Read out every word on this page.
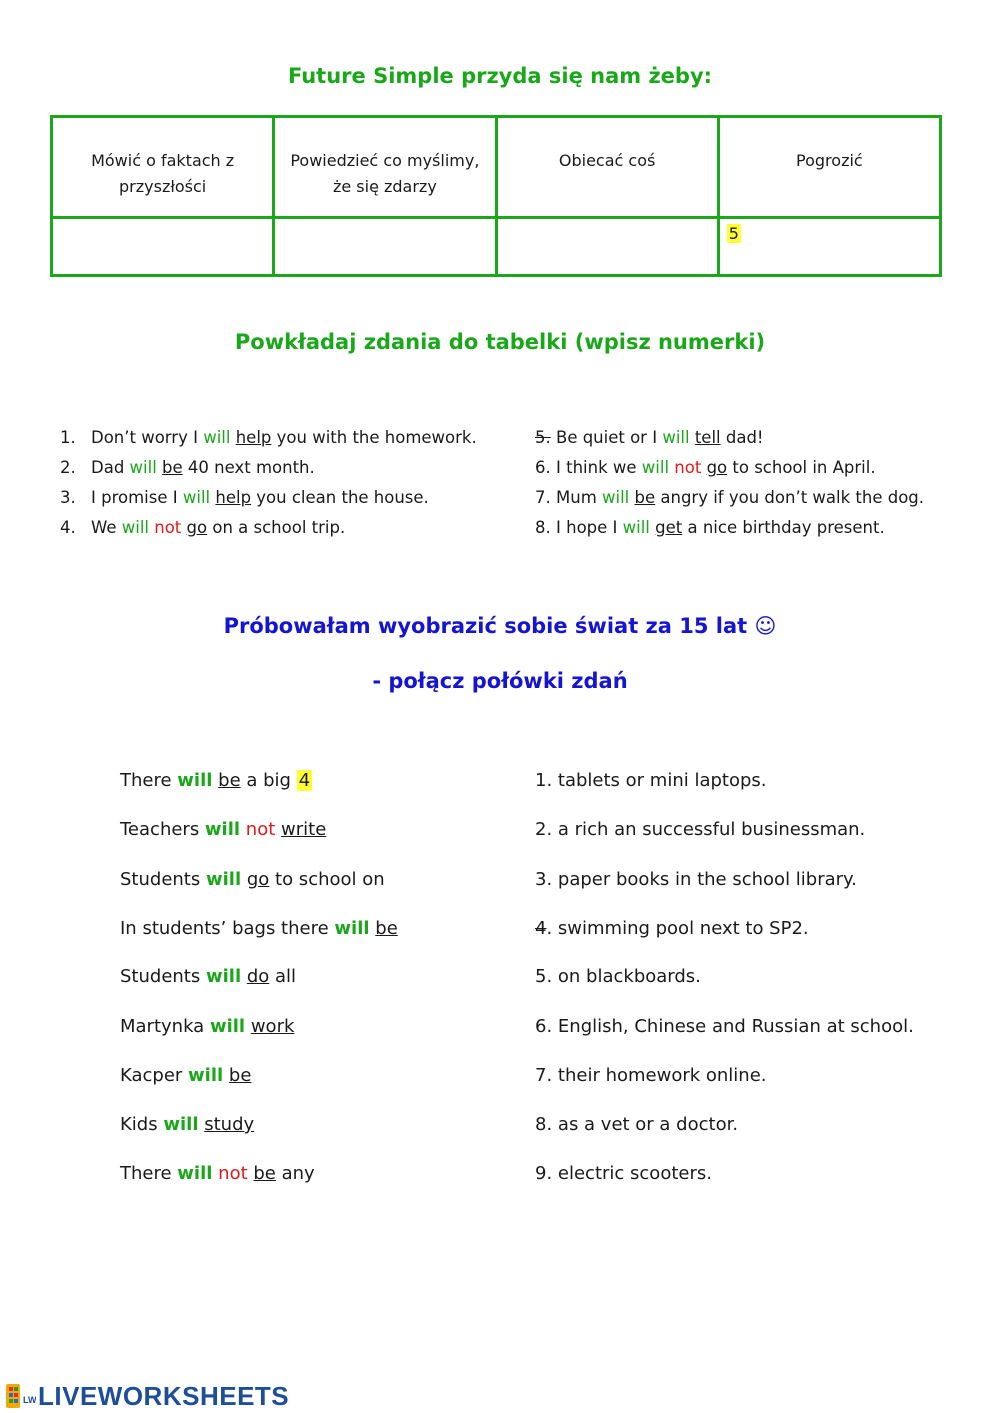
Future Simple przyda się nam żeby:
Mówić o faktach z przyszłości	Powiedzieć co myślimy, że się zdarzy	Obiecać coś	Pogrozić
			5
Powkładaj zdania do tabelki (wpisz numerki)
1. Don’t worry I will help you with the homework.
2. Dad will be 40 next month.
3. I promise I will help you clean the house.
4. We will not go on a school trip.
5. Be quiet or I will tell dad!
6. I think we will not go to school in April.
7. Mum will be angry if you don’t walk the dog.
8. I hope I will get a nice birthday present.
Próbowałam wyobrazić sobie świat za 15 lat ☺
- połącz połówki zdań
There will be a big 4
Teachers will not write
Students will go to school on
In students’ bags there will be
Students will do all
Martynka will work
Kacper will be
Kids will study
There will not be any
1. tablets or mini laptops.
2. a rich an successful businessman.
3. paper books in the school library.
4. swimming pool next to SP2.
5. on blackboards.
6. English, Chinese and Russian at school.
7. their homework online.
8. as a vet or a doctor.
9. electric scooters.
LW LIVEWORKSHEETS
